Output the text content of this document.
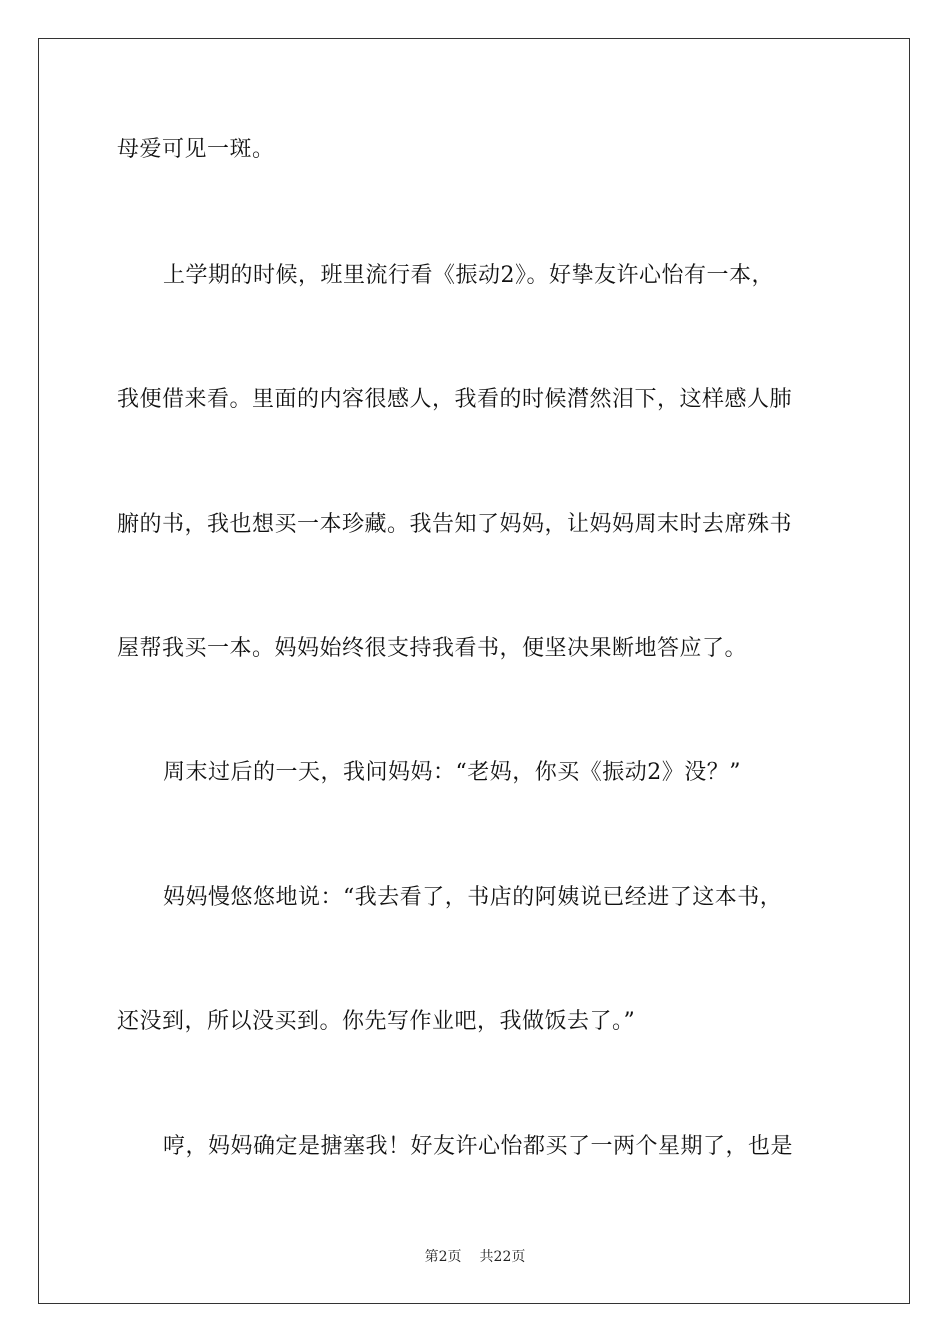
母爱可见一斑。
上学期的时候，班里流行看《振动2》。好挚友许心怡有一本，
我便借来看。里面的内容很感人，我看的时候潸然泪下，这样感人肺
腑的书，我也想买一本珍藏。我告知了妈妈，让妈妈周末时去席殊书
屋帮我买一本。妈妈始终很支持我看书，便坚决果断地答应了。
周末过后的一天，我问妈妈：“老妈，你买《振动2》没？”
妈妈慢悠悠地说：“我去看了，书店的阿姨说已经进了这本书，
还没到，所以没买到。你先写作业吧，我做饭去了。”
哼，妈妈确定是搪塞我！好友许心怡都买了一两个星期了，也是
第2页 共22页
